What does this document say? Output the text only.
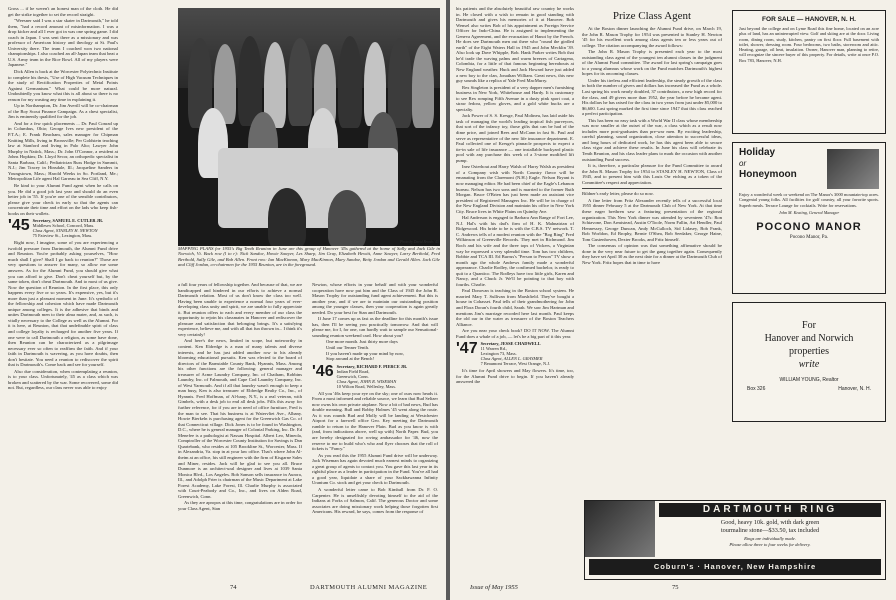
Gross ... if he weren't an honest man of the cloth. He did get the strike together to set the record straight.

"Weesner said I was a star skater in Dartmouth," he told them, "had a record amount of misinformation. I was a drop kicker and all I ever got in was one spring game. I did coach in Japan. I was sent there as a missionary and was professor of American history and theology at St. Paul's University there. The team I coached won two national championships. I also coached an all-Japan team that beat a U.S. Army team in the Rice Bowl. All of my players were Japanese."

Dick Allen is back at the Worcester Polytechnic Institute to complete his thesis, "Use of High Vacuum Techniques in the study of Rectification Properties of Metal Points Against Germanium." What could be more natural. Undoubtedly you know what this is all about so there is no reason for my wasting any time in explaining it.

Up in Northampton, Dr. Jim Averill will be co-chairman of the Boy Scout Finance Campaign. As a chest specialist, Jim is eminently qualified for the job.

And for a few quick placements ... Dr. Paul Conrad up in Columbus, Ohio; George Ives new president of the P.T.A.; E. Frank Beacham, sales manager for Chipman Knitting Mills, living in Bronxville; Per Goldstein teaching law at Stanford and living in Palo Alto; Lawyer John Murphy in Natick, Mass.; Dr. John O'Connor, a resident at Johns Hopkins; Dr. Lloyd Secor, an orthopedic specialist in Santa Barbara, Calif.; Pediatrician Russ Hodge in Summit, N.J.; Jim Tracey in Hinsdale, Ill.; Jacqueline Sanders in Youngstown, Mass.; Harold Weeks in So. Portland, Me.; Metropolitan Life agent Hal Garreau in Sea Cliff, N.Y.

Be kind to your Alumni Fund agent when he calls on you. He did a good job last year and should do an even better job in '55. If you're one of the sensible contributors, please give your check in early so that the agents can concentrate their time and effort on the lads who keep fish-hooks on their wallets.

'45 Secretary, SAMUEL E. CUTLER JR.
Middlesex School, Concord, Mass.
Class Agent, STANLEY H. NEWTON
75 Fairview St., Lexington, Mass.

Right now, I imagine, some of you are experiencing a twofold pressure from Dartmouth, the Alumni Fund drive and Reunion. You're probably asking yourselves, "How much shall I give? Shall I go back to reunion?" Those are very questions to answer for many, so allow me some answers. As for the Alumni Fund, you should give what you can afford to give. Don't cheat yourself but, by the same token, don't cheat Dartmouth. And to most of us give. Now the question of Reunion. In the first place, this only happens every five or so years. It's expensive, yes, but it's more than just a pleasant moment in June. It's symbolic of the fellowship and cohesion which have made Dartmouth unique among colleges. It is the adhesive that binds and unites Dartmouth men to their alma mater, and, as such, is vitally necessary to the College as well as the Alumni. For it is here, at Reunion, that that undefinable spirit of class and college loyalty is recharged for another five years. If one were to call Dartmouth a religion, as some have done, then Reunion can be characterized as a pilgrimage necessary ever so often to reaffirm the faith. And if your faith in Dartmouth is wavering, as you have doubts, then don't hesitate. You need a reunion to rediscover the spirit that is Dartmouth's. Come back and see for yourself.

Also due consideration, when contemplating a reunion, is to your class. Unfortunately, '45 as a class which was broken and scattered by the war. Some recovered, some did not. But, regardless, our class never was able to enjoy

Photo by David Brooks '45
MAPPING PLANS for 1955's Big Tenth Reunion in June are this group of Hanover '45s gathered at the home of Sally and Jack Gile in Norwich, Vt. Back row (l to r): Nick Sandoe, Howie Sawyer, Les Sharp, Jim Gray, Elizabeth Hewitt, Anne Sawyer, Larry Berthold, Fred Berthold, Sally Gile, and Bob Allen. Front row: Ian MacKinnon, Mary MacKinnon, Mary Sandoe, Betty Jordan and Gerald Allen. Jack Gile and Cliff Jordan, co-chairmen for the 1955 Reunion, are in the foreground.

a full four years of fellowship together. And because of that, we are handicapped and hindered in our efforts to achieve a normal Dartmouth relation. Most of us don't know the class too well. Having been unable to experience a normal four years of ever-developing class unity and spirit, we are unable to fully appreciate it. But reunion offers to each and every member of our class the opportunity to rejoin his classmates in Hanover and rediscover the pleasure and satisfaction that belonging brings. It's a satisfying experience, believe me, and with all that fun thrown in... I think it's very certainly!

And here's the news, limited in scope, but noteworthy in content. Ken Eldredge is a man of many talents and diverse interests, and he has just added another row to his already blooming educational pursuits. Ken was elected to the board of directors of the Barnstable County Bank, Hyannis, Mass. Among his other functions are the following: general manager and treasurer of Acme Laundry Company, Inc. of Chatham, Robbins Laundry, Inc. of Falmouth, and Cape Cod Laundry Company, Inc. of West Yarmouth. And if all that laundry wasn't enough to keep a man busy, Ken is also treasurer of Eldredge Realty Co., Inc., of Hyannis. Fred Hoffman, of Al-bany, N.Y., is a real veteran, with Gimbels, with a desk job to end all desk jobs. Fills this away for further reference, for if you are in need of office furniture, Fred is the man to see. That his business is at Watervliet Ave., Albany. Howie Bierkeln is purchasing agent for the Greenwich Gas Co. of that Connecticut village. Dick Jones is to be found in Washington, D.C., where he is general manager of Colonial Parking, Inc. Dr. Ed Menefee is a pathologist at Nassau Hospital. Albert Leo, Mineola, Comptroller of the Worcester County Institution for Savings is Dan Quartebank, who resides at 105 Brookline St., Worcester, Mass. If in Alexandria, Va. stop in at your law office. That's where John Al-theim at an office, his still engineer with the firm of Kisgarne Sales and Miner, resides. Jack will be glad to see you all. Bruce Dunmore is an architect-ural designer and lives at 1039 Santa Monica Blvd., Los Angeles. Bob Sanson sells insurance in Aurora, Ill., and Adolph Frier is chairman of the Music Department at Lake Forest Academy, Lake Forest, Ill. Charlie Murphy is associated with Court-Peabody and Co., Inc., and lives on Alden Road, Greenwich, Conn.

As they are apropos at this time, congratulations are in order for your Class Agent, Stan

Newton, whose efforts in your behalf and with your wonderful cooperation have now put him and the Class of 1945 the John R. Mason Trophy for outstanding fund agent achievement. But this is another year, and if we are to maintain our outstanding position among the younger classes, then your cooperation is again greatly needed. Do your best for Stan and Dartmouth.

If June 17 comes up as fast as the deadline for this month's issue has, then I'll be seeing you practically tomorrow. And that will please me, for I, for one, can hardly wait to sample our Sensational-sounding reunion weekend card. How about you?

One more month. Just thirty more days
Until our Tenner Tenth.
If you haven't made up your mind by now,
Stop around at the Bench!

'46 Secretary, RICHARD F. PIERCE JR.
Indian Field Road,
Greenwich, Conn.
Class Agent, JOHN R. WISEMAN
10 Wilton Road, Wellesley, Mass.

All you '46s keep your eye on the sky; one of ours now heads it. From a most informed and reliable source, we learn that Bud Seltzer now owns his own private airplane. Now a bit of bad news, Bud has double meaning. Bull and Bobby Holmes '45 went along the route. As it was rounds Bud and Molly will be landing at Westchester Airport for a farewell office Geo. Key meeting the Dartmouth rumble to return to the Hanover Plain. Bud as you know is with (and, from indications above, well up with) North Paper. Bud, you are hereby designated for roving ambassador for '46, now the reserve to me to build who's who and flyer chooses that the roll of tickets is "Fancy."

As you read this the 1955 Alumni Fund drive will be underway. Jack Wiseman has again devoted much earnest minds to organizing a great group of agents to contact you. You gave this last year in its rightful place as a leader in participation in the Fund. You've all had a good year, liquidate a share of your Sackhawanna Infinity Uranium Co. stock and get your check to Dartmouth.

A wonderful letter came to Bob Kimball from Dr. F. O. Carpenter. He is unselfishly devoting himself to the aid of the Indians at Forks of Salmon, Calif. The generous Doctor and some associates are doing missionary work helping those forgotten first Americans. His reward, he says, comes from the response of

74	DARTMOUTH ALUMNI MAGAZINE

his patients and the absolutely beautiful raw country he works in. He closed with a wish to remain in good standing with Dartmouth and gives his memories of it at Hanover. Bob Wensel also writes Bob of his appointment as Foreign Service Officer for Indo-China. He is assigned to implementing the Geneva Agreement, and the evacuation of Hanoi by the French. He does see Dartmouth men out there who "round the girdled earth" of the Eight Waters Hall in 1945 and John Mecklin '39. Also look up Dave Whipple, Bob. Hank Parker writes Bob that he'd trade the waving palms and warm breezes of Cartagena, Colombia, for a little of that famous beginning hereabouts at New England weather. Huck and Jack Howard have just added a new boy to the clan, Jonathan William. Great news, this new guy sounds like a replica of Yale Fred MacMurry.

Rex Singleton is president of a very dapper men's furnishing business in New York, Whitehouse and Hardy. It is customary to see Rex romping Fifth Avenue in a dusty pink sport coat, a straw fedora, yellow gloves, and a gold white bucks are a specialty.

Jack Power of S. S. Kresge, Paul Molineu, has laid aside his task of managing the world's leading tropical fish purveyors, that sort of the infancy toy, those gifts that can be had of the dime price, and joined Rees and McCann in fast St. Paul and serve as representative of the new life insurance department. E. Paul collected one of Kresge's pinnacle prospects to expect a tie-in sale of life insurance — one installable backyard plastic pool with any purchase this week of a 3-stone modified lift pump.

Inez Osterhout and Harry Walsh of Harry Walsh as president of a Company wish with North Country flavor will be emanating from the Claremont (N.H.) Eagle. Nelson Bryant is now managing editor. He had been chief of the Eagle's Lebanon bureau. Nelson has two sons and is married to the former Ruth Morgan. Bruce O'Brien has just been made an assistant vice president of Registered Managers Inc. He will be in charge of the New England Division and maintain his office in New York City. Bruce lives in White Plains on Quimby Ave.

Hal Anderson is engaged to Barbara Ann Range of Fort Lee, N.J. Hal's with his dad's firm of H. K. Mahnatrian of Ridgewood. His bride to be is with the C.B.S. TV network. T. C. Andrews tells of a modest reunion with the "Bog Ring" Fred Wilkinson of Greenville Records. They met in Richmond. Jim Roch and his wife and the three tops of Vickers, a Virginian way he expressed a very splendid time. Tom has two children, Bobbie and TCA III. Ed Burrus's "Person to Person" TV show a month ago the whole Andrews family made a wonderful appearance. Charlie Rodley, the confirmed bachelor, is ready to quit to a Quantico. The Rodleys have two little girls, Karen and Nancy, and a Chuck Jr. We'll be pointing to that boy with fourths. Charlie.

Paul Donovan is teaching in the Boston school system. He married Mary T. Sullivan from Marshfield. They've bought a house in Cohasset. Paul tells of their grandmothering for John and Flora Doran's fourth child, Sarah. We saw Jim Hartman and mentions Jim's marriage recorded here last month. Paul keeps the old oar in the water as treasurer of the Boston Teachers Alliance.

Are you near your check book? DO IT NOW. The Alumni Fund does a whale of a job, — let's be a big part of it this year.

'47 Secretary, JESSE CHADWELL
11 Warren Rd.,
Lexington 73, Mass.
Class Agent, ALLEN L. GRAYMER
7 Beaumont Terrace, West Orange, N.J.

It's time for April showers and May flowers. It's time, too, for the Alumni Fund drive to begin. If you haven't already answered the

Prize Class Agent

At the Boston dinner launching the Alumni Fund drive, on March 19, the John R. Mason Trophy for 1954 was presented to Stanley H. Newton '45 for his excellent work among class agents ten or less years out of college. The citation accompanying the award follows:

The John R. Mason Trophy is presented each year to the most outstanding class agent of the youngest ten alumni classes in the judgment of the Alumni Fund committee. The award for last spring's campaign goes to a young alumnus whose work on the Fund matches Dartmouth's highest hopes for its oncoming classes.

Under his tireless and efficient leadership, the steady growth of the class in both the number of givers and dollars has increased the Fund as a whole. Last spring his work nearly doubled, 37 contributors, a new high record for the class, and 49 givers more than 1952, the year before he became agent. His dollars he has raised for the class in two years from just under $5,000 to $6,600. Last spring marked the first time since 1947 that this class reached a perfect participation.

This has been no easy task with a World War II class whose membership was now smaller at the outset of the war, a class which as a result now includes more post-graduates than pre-war men. By exciting leadership, careful planning, sound organization, close attention to successful ideas, and long hours of dedicated work, he has this agent been able to secure class vigor and achieve these results. In June his class will celebrate its Tenth Reunion, and his class leader plans to mark the occasion with another outstanding Fund success.

It is, therefore, a particular pleasure for the Fund Committee to award the John R. Mason Trophy for 1954 to STANLEY H. NEWTON, Class of 1945, and to present him with this Louis Orr etching as a token of the Committee's respect and appreciation.

Bildner's early letter, please do so now.

A fine letter from Fritz Alexander recently tells of a successful local 1955 dinner February 5 at the Dartmouth Club of New York. At that time these eager brethren saw a featuring presentation of the regional organization. This New York dinner was attended by seventeen '47s: Ron Schiavone, Don Armistead, Austin O'Toole, Norm Fallin, Art Hendler, Paul Hennessey, George Duncan, Andy McCulloch, Sid Lidasey, Bob Frank, Bob Worldon, Ed Brophy, Bernie O'Shea, Bob Seedaker, George Haine, Tom Gustenhoven, Dexter Brooks, and Fritz himself.

The consensus of opinion was that something affirmative should be done in the very near future to get the gang together again. Consequently they have set April 30 as the next date for a dinner at the Dartmouth Club of New York. Fritz hopes that in time to have

FOR SALE — HANOVER, N. H.
Just beyond the college and on Lyme Road this fine home, located on an acre plus of land, has an uninterrupted view. Golf and skiing are at the door. Living room, dining room, study, kitchen, pantry on first floor. Full basement with toilet, shower, dressing room. Four bedrooms, two baths, storeroom and attic. Heating, garage, oil heat, insulation. Owner, Hanover man, planning to retire, will recognize the sincere buyer of this property. For details, write at once P.O. Box 783, Hanover, N.H.
Holiday
or
Honeymoon
Enjoy a wonderful week or weekend on The Manor's 3000 mountain-top acres. Congenial young folks. All facilities for golf country, all your favorite sports. Superb meals. Terrace Lounge for cocktails. Write for reservations.
John M. Keating, General Manager
POCONO MANOR
Pocono Manor, Pa.
For
Hanover and Norwich
properties
write
WILLIAM YOUNG, Realtor
Box 326	Hanover, N. H.
DARTMOUTH RING
Good, heavy 10k. gold, with dark green
tourmaline stone—$33.50, tax included
Rings are individually made.
Please allow three to four weeks for delivery.
Coburn's · Hanover, New Hampshire
Issue of May 1955	75
